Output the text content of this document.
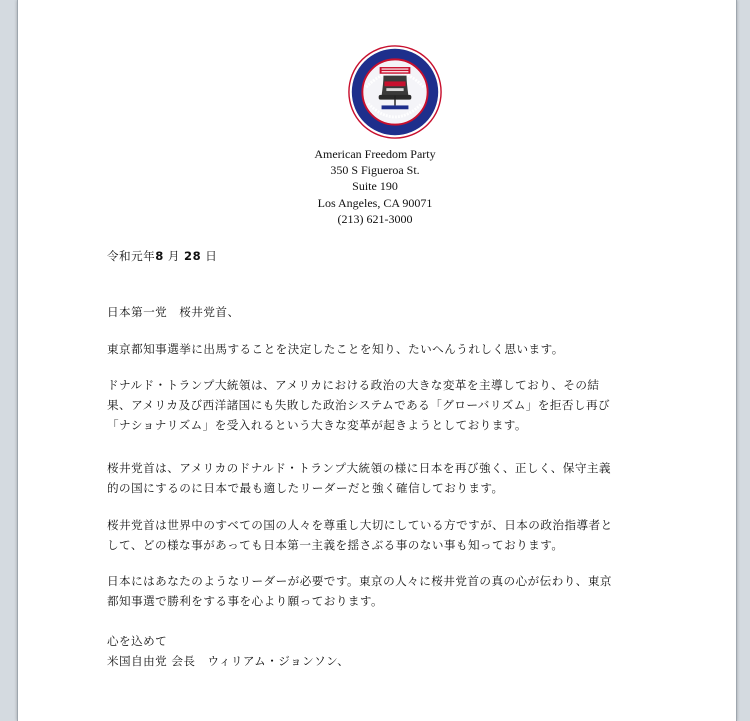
American Freedom Party
350 S Figueroa St.
Suite 190
Los Angeles, CA 90071
(213) 621-3000
令和元年8 月 28 日
日本第一党　桜井党首、
東京都知事選挙に出馬することを決定したことを知り、たいへんうれしく思います。
ドナルド・トランプ大統領は、アメリカにおける政治の大きな変革を主導しており、その結
果、アメリカ及び西洋諸国にも失敗した政治システムである「グローバリズム」を拒否し再び
「ナショナリズム」を受入れるという大きな変革が起きようとしております。
桜井党首は、アメリカのドナルド・トランプ大統領の様に日本を再び強く、正しく、保守主義
的の国にするのに日本で最も適したリーダーだと強く確信しております。
桜井党首は世界中のすべての国の人々を尊重し大切にしている方ですが、日本の政治指導者と
して、どの様な事があっても日本第一主義を揺さぶる事のない事も知っております。
日本にはあなたのようなリーダーが必要です。東京の人々に桜井党首の真の心が伝わり、東京
都知事選で勝利をする事を心より願っております。
心を込めて
米国自由党 会長　ウィリアム・ジョンソン、
